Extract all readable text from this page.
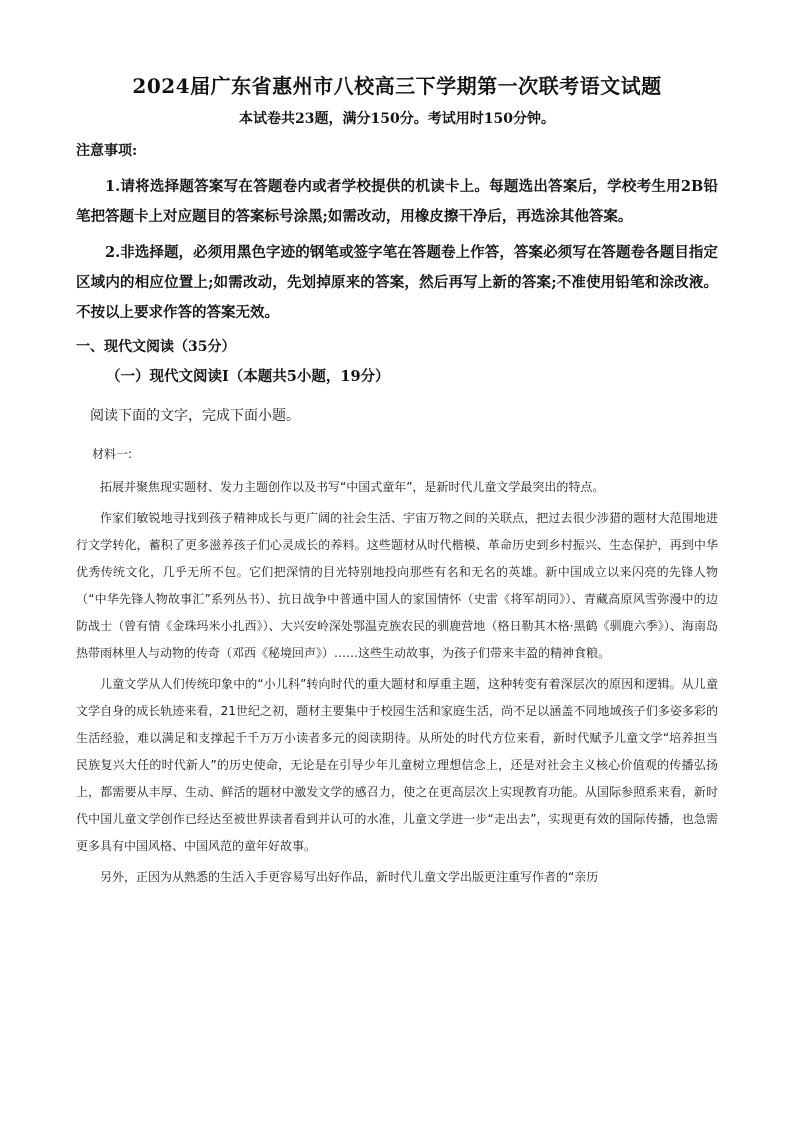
2024届广东省惠州市八校高三下学期第一次联考语文试题
本试卷共23题，满分150分。考试用时150分钟。
注意事项:

1.请将选择题答案写在答题卷内或者学校提供的机读卡上。每题选出答案后，学校考生用2B铅笔把答题卡上对应题目的答案标号涂黑;如需改动，用橡皮擦干净后，再选涂其他答案。

2.非选择题，必须用黑色字迹的钢笔或签字笔在答题卷上作答，答案必须写在答题卷各题目指定区域内的相应位置上;如需改动，先划掉原来的答案，然后再写上新的答案;不准使用铅笔和涂改液。不按以上要求作答的答案无效。

一、现代文阅读（35分）
（一）现代文阅读Ⅰ（本题共5小题，19分）
阅读下面的文字，完成下面小题。
材料一:

拓展并聚焦现实题材、发力主题创作以及书写“中国式童年”，是新时代儿童文学最突出的特点。

作家们敏锐地寻找到孩子精神成长与更广阔的社会生活、宇宙万物之间的关联点，把过去很少涉猎的题材大范围地进行文学转化，蓄积了更多滋养孩子们心灵成长的养料。这些题材从时代楷模、革命历史到乡村振兴、生态保护，再到中华优秀传统文化，几乎无所不包。它们把深情的目光特别地投向那些有名和无名的英雄。新中国成立以来闪亮的先锋人物（“中华先锋人物故事汇”系列丛书）、抗日战争中普通中国人的家国情怀（史雷《将军胡同》）、青藏高原风雪弥漫中的边防战士（曾有情《金珠玛米小扎西》）、大兴安岭深处鄂温克族农民的驯鹿营地（格日勒其木格·黑鹤《驯鹿六季》）、海南岛热带雨林里人与动物的传奇（邓西《秘境回声》）……这些生动故事，为孩子们带来丰盈的精神食粮。

儿童文学从人们传统印象中的“小儿科”转向时代的重大题材和厚重主题，这种转变有着深层次的原因和逻辑。从儿童文学自身的成长轨迹来看，21世纪之初，题材主要集中于校园生活和家庭生活，尚不足以涵盖不同地域孩子们多姿多彩的生活经验，难以满足和支撑起千千万万小读者多元的阅读期待。从所处的时代方位来看，新时代赋予儿童文学“培养担当民族复兴大任的时代新人”的历史使命，无论是在引导少年儿童树立理想信念上，还是对社会主义核心价值观的传播弘扬上，都需要从丰厚、生动、鲜活的题材中激发文学的感召力，使之在更高层次上实现教育功能。从国际参照系来看，新时代中国儿童文学创作已经达至被世界读者看到并认可的水准，儿童文学进一步“走出去”，实现更有效的国际传播，也急需更多具有中国风格、中国风范的童年好故事。

另外，正因为从熟悉的生活入手更容易写出好作品，新时代儿童文学出版更注重写作者的“亲历
